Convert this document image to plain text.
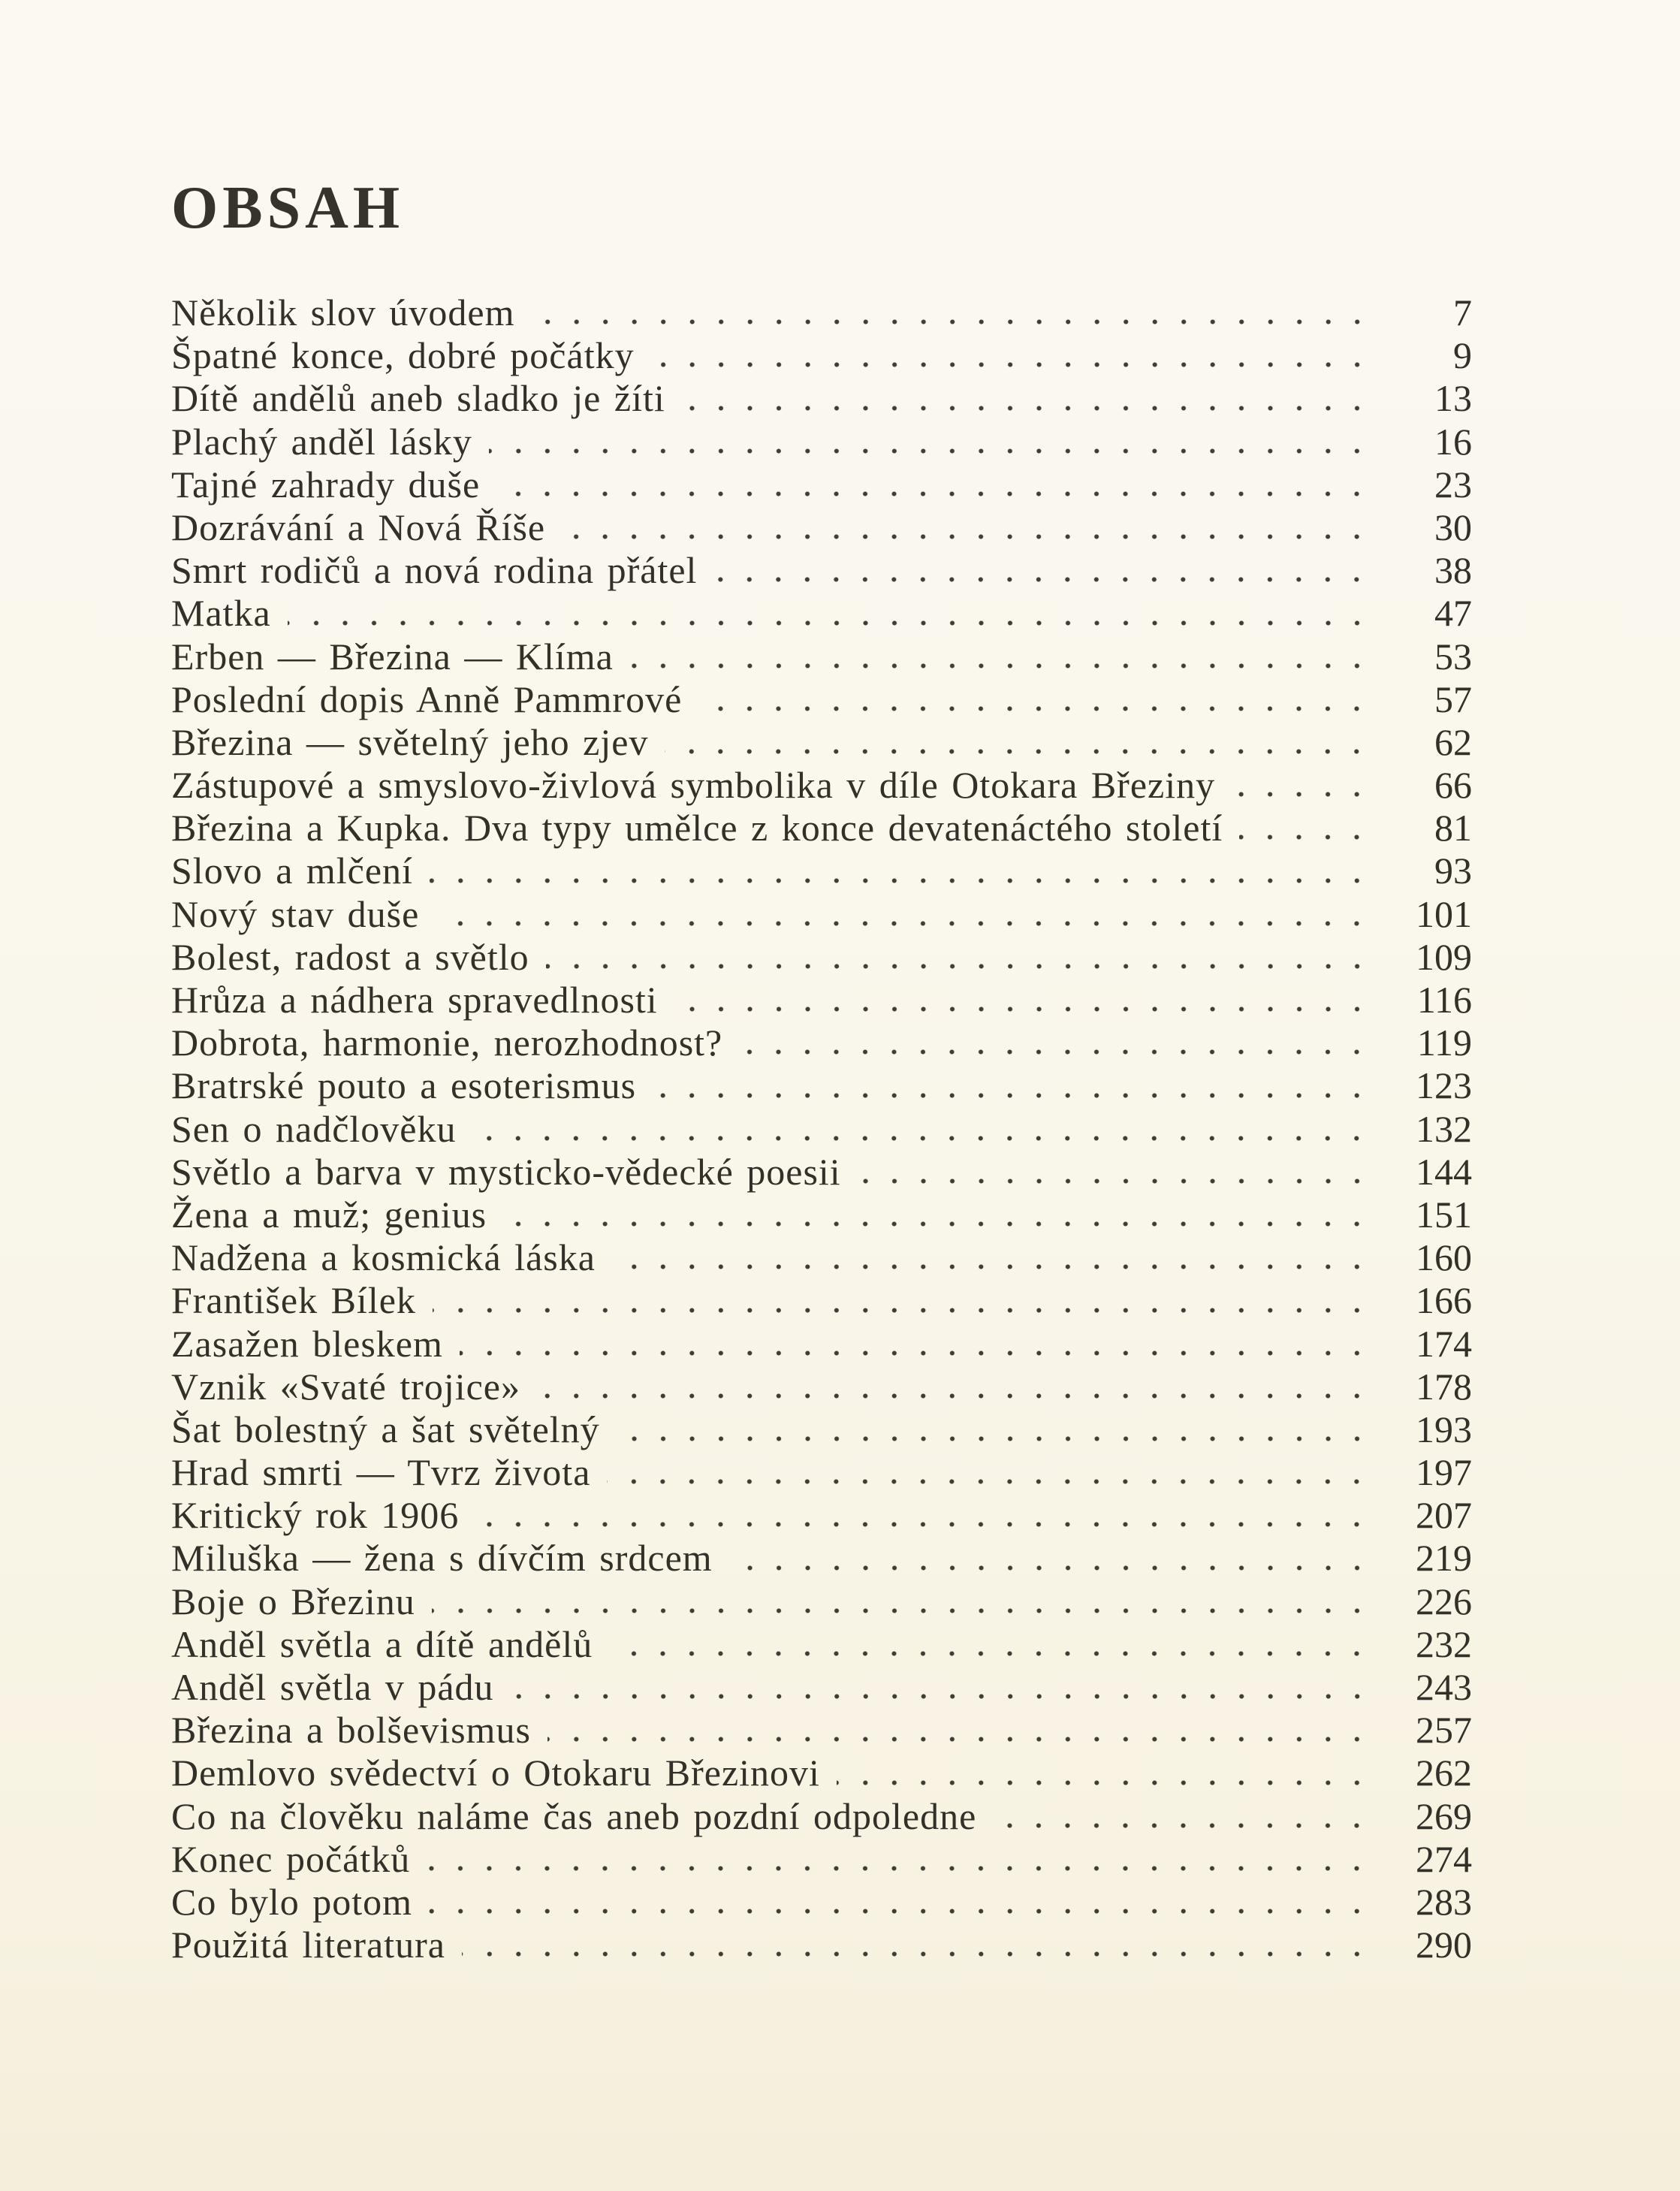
OBSAH
Několik slov úvodem	7
Špatné konce, dobré počátky	9
Dítě andělů aneb sladko je žíti	13
Plachý anděl lásky	16
Tajné zahrady duše	23
Dozrávání a Nová Říše	30
Smrt rodičů a nová rodina přátel	38
Matka	47
Erben — Březina — Klíma	53
Poslední dopis Anně Pammrové	57
Březina — světelný jeho zjev	62
Zástupové a smyslovo-živlová symbolika v díle Otokara Březiny	66
Březina a Kupka. Dva typy umělce z konce devatenáctého století	81
Slovo a mlčení	93
Nový stav duše	101
Bolest, radost a světlo	109
Hrůza a nádhera spravedlnosti	116
Dobrota, harmonie, nerozhodnost?	119
Bratrské pouto a esoterismus	123
Sen o nadčlověku	132
Světlo a barva v mysticko-vědecké poesii	144
Žena a muž; genius	151
Nadžena a kosmická láska	160
František Bílek	166
Zasažen bleskem	174
Vznik «Svaté trojice»	178
Šat bolestný a šat světelný	193
Hrad smrti — Tvrz života	197
Kritický rok 1906	207
Miluška — žena s dívčím srdcem	219
Boje o Březinu	226
Anděl světla a dítě andělů	232
Anděl světla v pádu	243
Březina a bolševismus	257
Demlovo svědectví o Otokaru Březinovi	262
Co na člověku naláme čas aneb pozdní odpoledne	269
Konec počátků	274
Co bylo potom	283
Použitá literatura	290
